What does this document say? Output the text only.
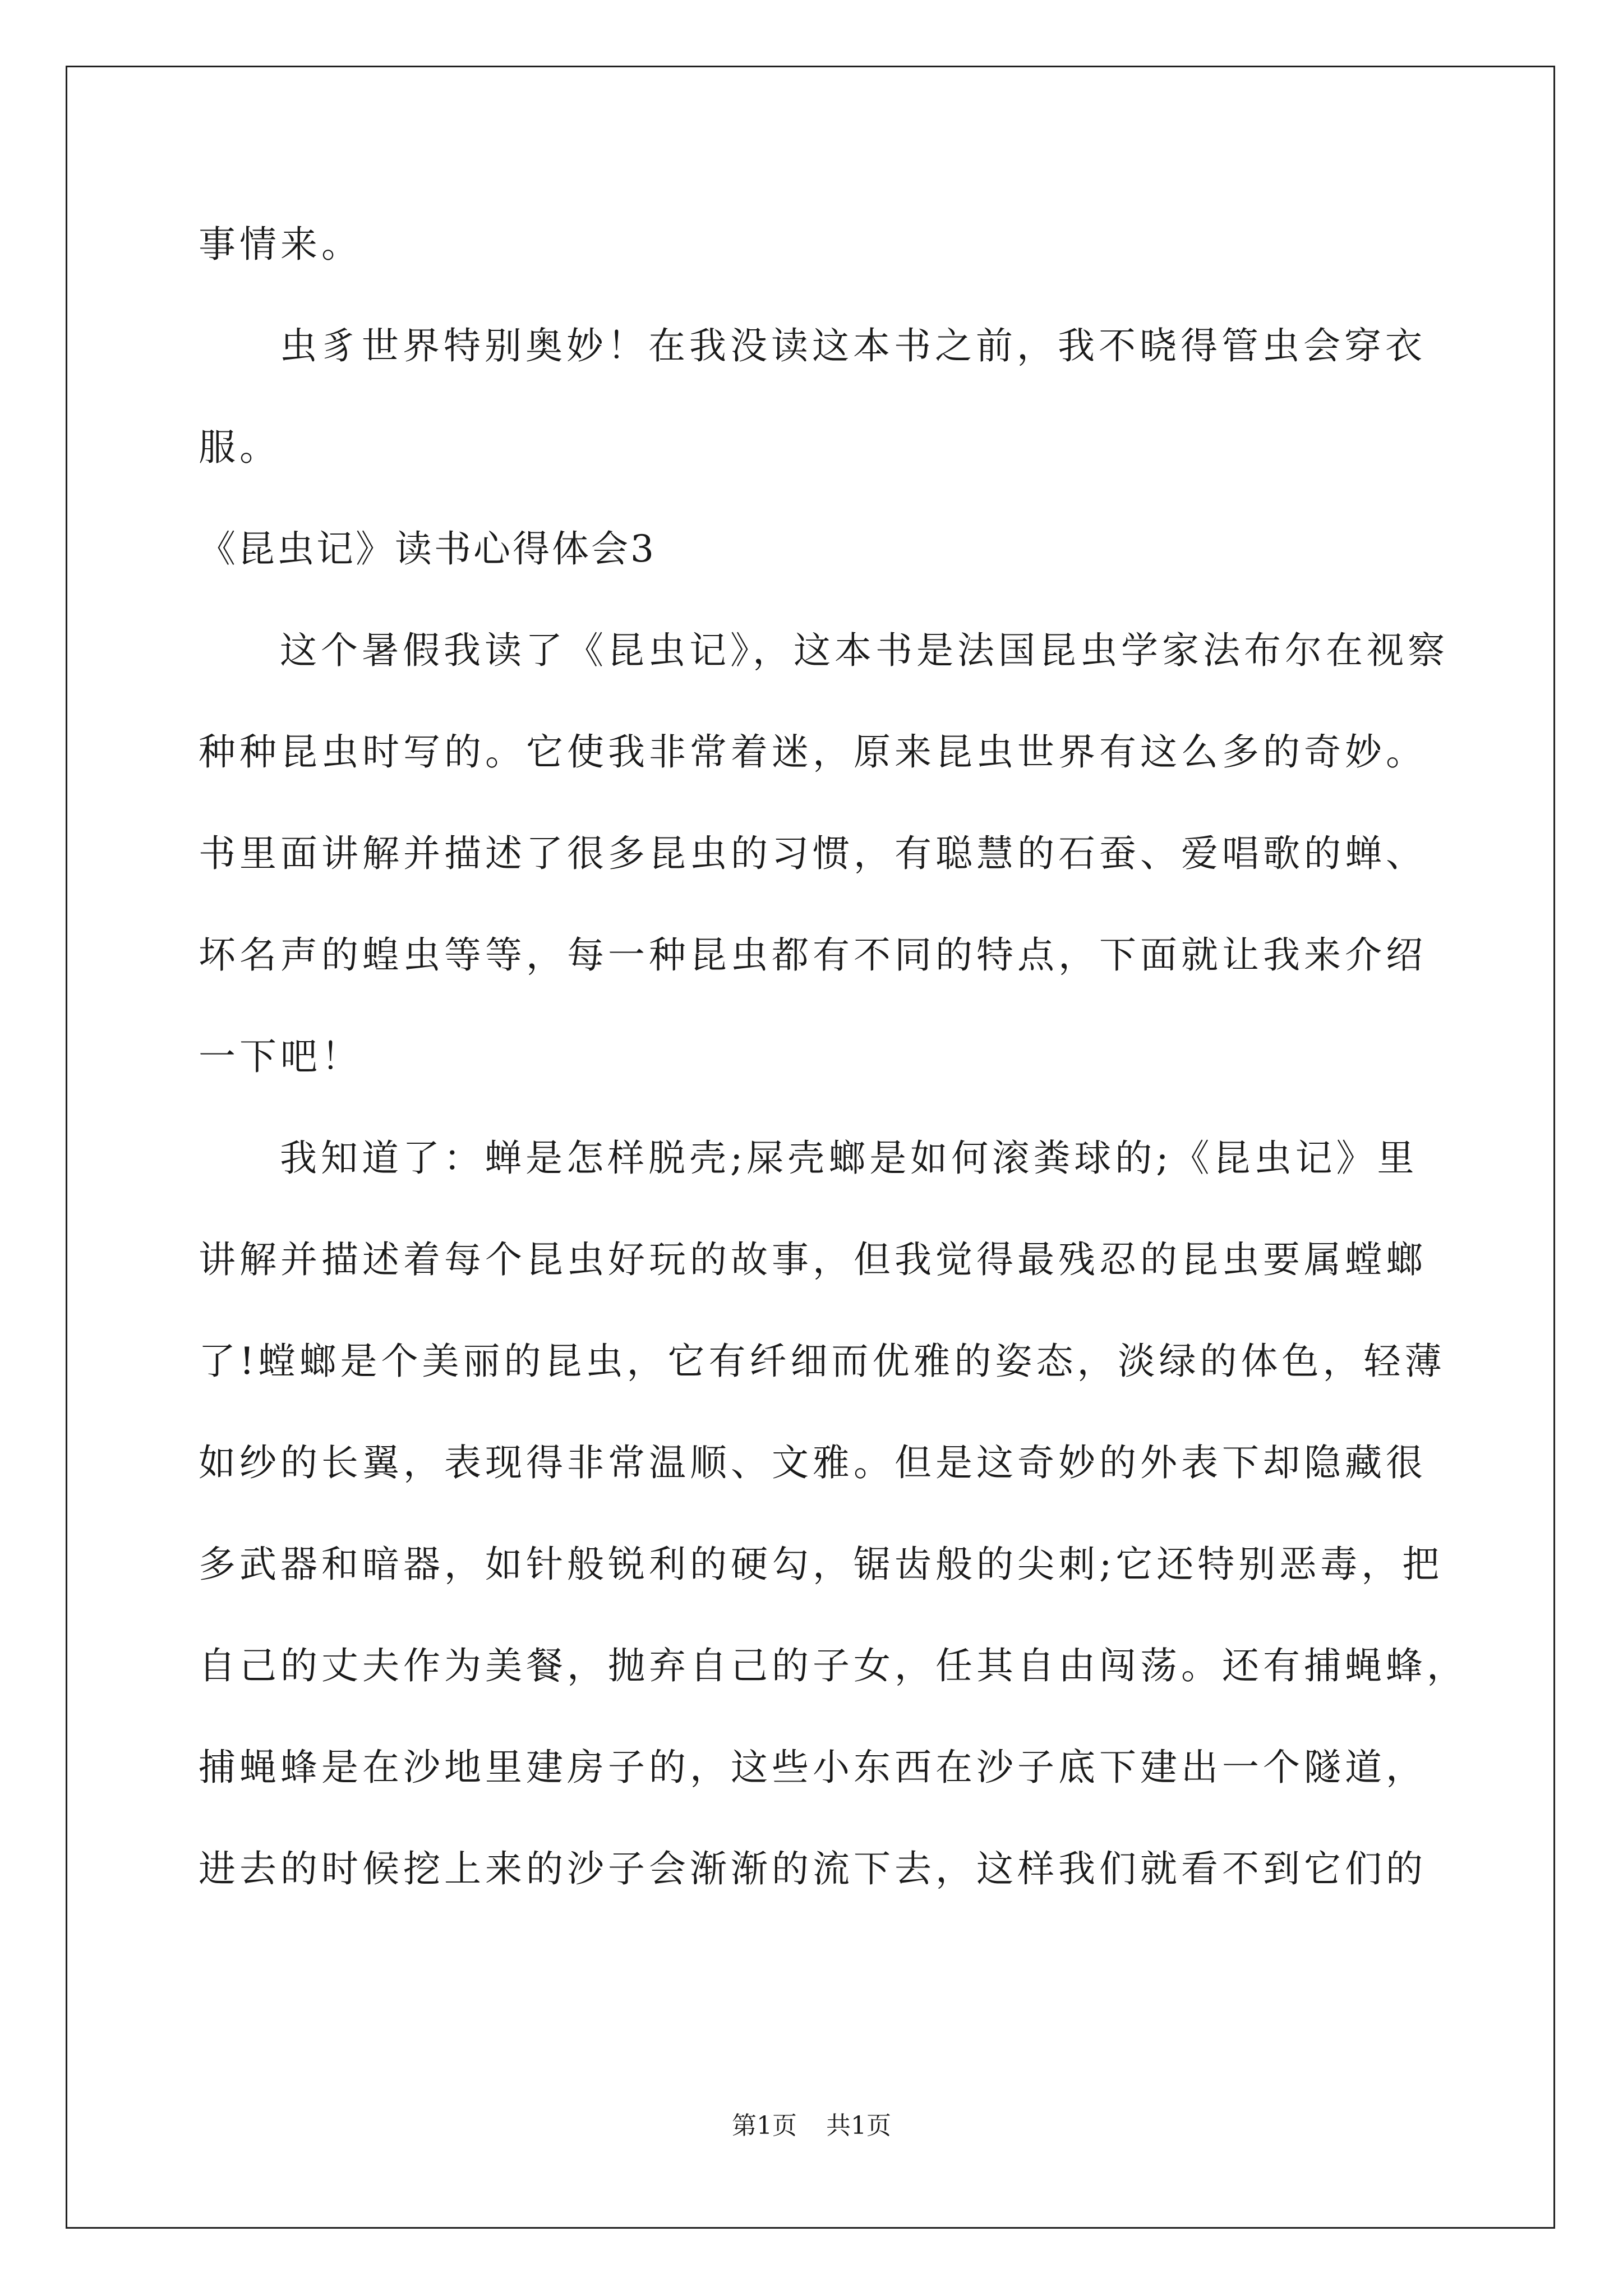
事情来。
虫豸世界特别奥妙！在我没读这本书之前，我不晓得管虫会穿衣
服。
《昆虫记》读书心得体会3
这个暑假我读了《昆虫记》，这本书是法国昆虫学家法布尔在视察
种种昆虫时写的。它使我非常着迷，原来昆虫世界有这么多的奇妙。
书里面讲解并描述了很多昆虫的习惯，有聪慧的石蚕、爱唱歌的蝉、
坏名声的蝗虫等等，每一种昆虫都有不同的特点，下面就让我来介绍
一下吧！
我知道了：蝉是怎样脱壳;屎壳螂是如何滚粪球的;《昆虫记》里
讲解并描述着每个昆虫好玩的故事，但我觉得最残忍的昆虫要属螳螂
了!螳螂是个美丽的昆虫，它有纤细而优雅的姿态，淡绿的体色，轻薄
如纱的长翼，表现得非常温顺、文雅。但是这奇妙的外表下却隐藏很
多武器和暗器，如针般锐利的硬勾，锯齿般的尖刺;它还特别恶毒，把
自己的丈夫作为美餐，抛弃自己的子女，任其自由闯荡。还有捕蝇蜂，
捕蝇蜂是在沙地里建房子的，这些小东西在沙子底下建出一个隧道，
进去的时候挖上来的沙子会渐渐的流下去，这样我们就看不到它们的
第1页 共1页
